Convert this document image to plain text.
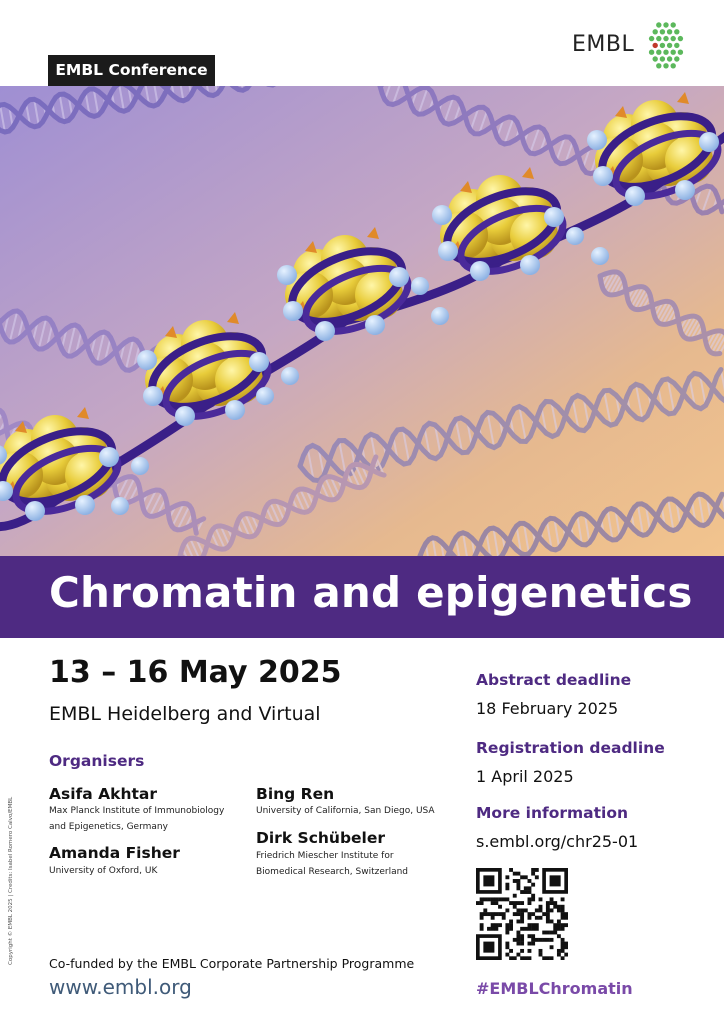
EMBL Conference
EMBL
Chromatin and epigenetics
13 – 16 May 2025
EMBL Heidelberg and Virtual
Organisers
Asifa Akhtar
Max Planck Institute of Immunobiology
and Epigenetics, Germany
Amanda Fisher
University of Oxford, UK
Bing Ren
University of California, San Diego, USA
Dirk Schübeler
Friedrich Miescher Institute for
Biomedical Research, Switzerland
Abstract deadline
18 February 2025
Registration deadline
1 April 2025
More information
s.embl.org/chr25-01
Co-funded by the EMBL Corporate Partnership Programme
www.embl.org	#EMBLChromatin
Copyright © EMBL 2025 | Credits: Isabel Romero Calvo/EMBL
